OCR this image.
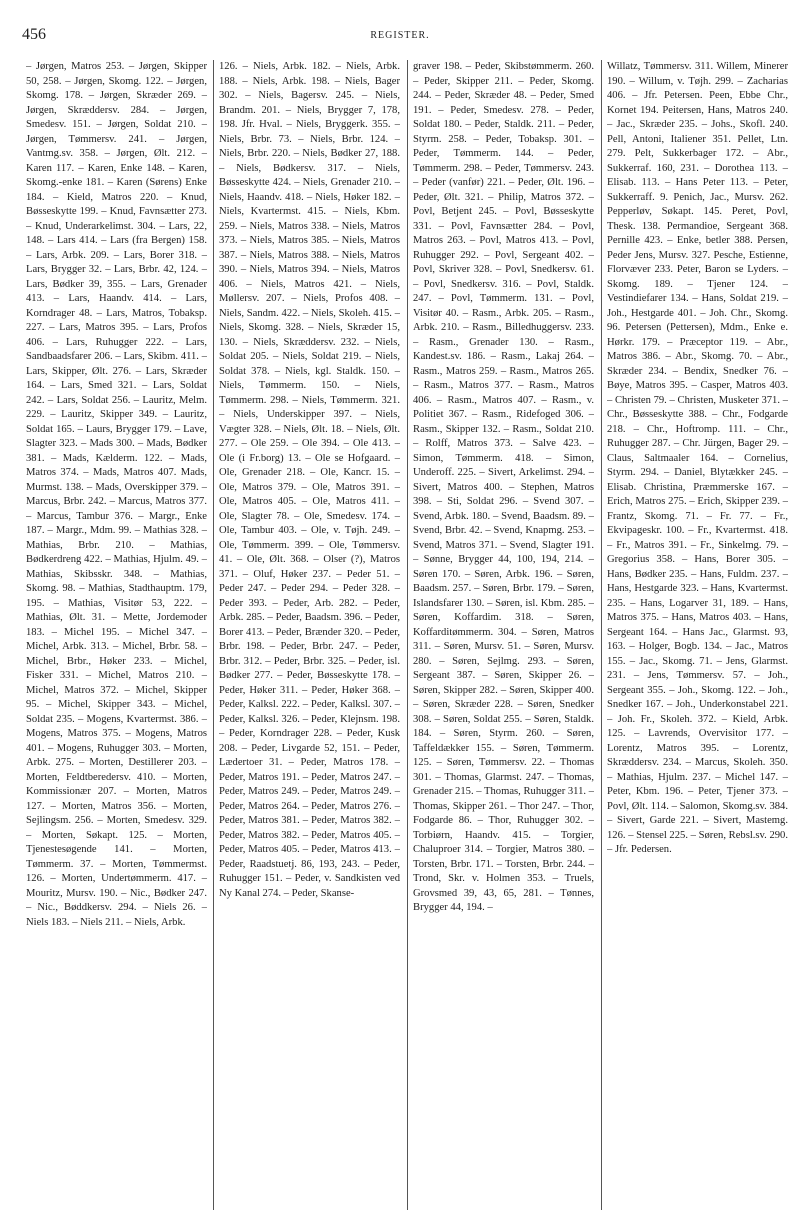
456	REGISTER.
– Jørgen, Matros 253. – Jørgen, Skipper 50, 258. – Jørgen, Skomg. 122. – Jørgen, Skomg. 178. – Jørgen, Skræder 269. – Jørgen, Skræddersv. 284. – Jørgen, Smedesv. 151. – Jørgen, Soldat 210. – Jørgen, Tømmersv. 241. – Jørgen, Vantmg.sv. 358. – Jørgen, Ølt. 212. – Karen 117. – Karen, Enke 148. – Karen, Skomg.-enke 181. – Karen (Sørens) Enke 184. – Kield, Matros 220. – Knud, Bøsseskytte 199. – Knud, Favnsætter 273. – Knud, Underarkelimst. 304. – Lars, 22, 148. – Lars 414. – Lars (fra Bergen) 158. – Lars, Arbk. 209. – Lars, Borer 318. – Lars, Brygger 32. – Lars, Brbr. 42, 124. – Lars, Bødker 39, 355. – Lars, Grenader 413. – Lars, Haandv. 414. – Lars, Korndrager 48. – Lars, Matros, Tobaksp. 227. – Lars, Matros 395. – Lars, Profos 406. – Lars, Ruhugger 222. – Lars, Sandbaadsfarer 206. – Lars, Skibm. 411. – Lars, Skipper, Ølt. 276. – Lars, Skræder 164. – Lars, Smed 321. – Lars, Soldat 242. – Lars, Soldat 256. – Lauritz, Melm. 229. – Lauritz, Skipper 349. – Lauritz, Soldat 165. – Laurs, Brygger 179. – Lave, Slagter 323. – Mads 300. – Mads, Bødker 381. – Mads, Kælderm. 122. – Mads, Matros 374. – Mads, Matros 407. Mads, Murmst. 138. – Mads, Overskipper 379. – Marcus, Brbr. 242. – Marcus, Matros 377. – Marcus, Tambur 376. – Margr., Enke 187. – Margr., Mdm. 99. – Mathias 328. – Mathias, Brbr. 210. – Mathias, Bødkerdreng 422. – Mathias, Hjulm. 49. – Mathias, Skibsskr. 348. – Mathias, Skomg. 98. – Mathias, Stadthauptm. 179, 195. – Mathias, Visitør 53, 222. – Mathias, Ølt. 31. – Mette, Jordemoder 183. – Michel 195. – Michel 347. – Michel, Arbk. 313. – Michel, Brbr. 58. – Michel, Brbr., Høker 233. – Michel, Fisker 331. – Michel, Matros 210. – Michel, Matros 372. – Michel, Skipper 95. – Michel, Skipper 343. – Michel, Soldat 235. – Mogens, Kvartermst. 386. – Mogens, Matros 375. – Mogens, Matros 401. – Mogens, Ruhugger 303. – Morten, Arbk. 275. – Morten, Destillerer 203. – Morten, Feldtberedersv. 410. – Morten, Kommissionær 207. – Morten, Matros 127. – Morten, Matros 356. – Morten, Sejlingsm. 256. – Morten, Smedesv. 329. – Morten, Søkapt. 125. – Morten, Tjenestesøgende 141. – Morten, Tømmerm. 37. – Morten, Tømmermst. 126. – Morten, Undertømmerm. 417. – Mouritz, Mursv. 190. – Nic., Bødker 247. – Nic., Bøddkersv. 294. – Niels 26. – Niels 183. – Niels 211. – Niels, Arbk.
126. – Niels, Arbk. 182. – Niels, Arbk. 188. – Niels, Arbk. 198. – Niels, Bager 302. – Niels, Bagersv. 245. – Niels, Brandm. 201. – Niels, Brygger 7, 178, 198. Jfr. Hval. – Niels, Bryggerk. 355. – Niels, Brbr. 73. – Niels, Brbr. 124. – Niels, Brbr. 220. – Niels, Bødker 27, 188. – Niels, Bødkersv. 317. – Niels, Bøsseskytte 424. – Niels, Grenader 210. – Niels, Haandv. 418. – Niels, Høker 182. – Niels, Kvartermst. 415. – Niels, Kbm. 259. – Niels, Matros 338. – Niels, Matros 373. – Niels, Matros 385. – Niels, Matros 387. – Niels, Matros 388. – Niels, Matros 390. – Niels, Matros 394. – Niels, Matros 406. – Niels, Matros 421. – Niels, Møllersv. 207. – Niels, Profos 408. – Niels, Sandm. 422. – Niels, Skoleh. 415. – Niels, Skomg. 328. – Niels, Skræder 15, 130. – Niels, Skræddersv. 232. – Niels, Soldat 205. – Niels, Soldat 219. – Niels, Soldat 378. – Niels, kgl. Staldk. 150. – Niels, Tømmerm. 150. – Niels, Tømmerm. 298. – Niels, Tømmerm. 321. – Niels, Underskipper 397. – Niels, Vægter 328. – Niels, Ølt. 18. – Niels, Ølt. 277. – Ole 259. – Ole 394. – Ole 413. – Ole (i Fr.borg) 13. – Ole se Hofgaard. – Ole, Grenader 218. – Ole, Kancr. 15. – Ole, Matros 379. – Ole, Matros 391. – Ole, Matros 405. – Ole, Matros 411. – Ole, Slagter 78. – Ole, Smedesv. 174. – Ole, Tambur 403. – Ole, v. Tøjh. 249. – Ole, Tømmerm. 399. – Ole, Tømmersv. 41. – Ole, Ølt. 368. – Olser (?), Matros 371. – Oluf, Høker 237. – Peder 51. – Peder 247. – Peder 294. – Peder 328. – Peder 393. – Peder, Arb. 282. – Peder, Arbk. 285. – Peder, Baadsm. 396. – Peder, Borer 413. – Peder, Brænder 320. – Peder, Brbr. 198. – Peder, Brbr. 247. – Peder, Brbr. 312. – Peder, Brbr. 325. – Peder, isl. Bødker 277. – Peder, Bøsseskytte 178. – Peder, Høker 311. – Peder, Høker 368. – Peder, Kalksl. 222. – Peder, Kalksl. 307. – Peder, Kalksl. 326. – Peder, Klejnsm. 198. – Peder, Korndrager 228. – Peder, Kusk 208. – Peder, Livgarde 52, 151. – Peder, Lædertoer 31. – Peder, Matros 178. – Peder, Matros 191. – Peder, Matros 247. – Peder, Matros 249. – Peder, Matros 249. – Peder, Matros 264. – Peder, Matros 276. – Peder, Matros 381. – Peder, Matros 382. – Peder, Matros 382. – Peder, Matros 405. – Peder, Matros 405. – Peder, Matros 413. – Peder, Raadstuetj. 86, 193, 243. – Peder, Ruhugger 151. – Peder, v. Sandkisten ved Ny Kanal 274. – Peder, Skanse-
graver 198. – Peder, Skibstømmerm. 260. – Peder, Skipper 211. – Peder, Skomg. 244. – Peder, Skræder 48. – Peder, Smed 191. – Peder, Smedesv. 278. – Peder, Soldat 180. – Peder, Staldk. 211. – Peder, Styrm. 258. – Peder, Tobaksp. 301. – Peder, Tømmerm. 144. – Peder, Tømmerm. 298. – Peder, Tømmersv. 243. – Peder (vanfør) 221. – Peder, Ølt. 196. – Peder, Ølt. 321. – Philip, Matros 372. – Povl, Betjent 245. – Povl, Bøsseskytte 331. – Povl, Favnsætter 284. – Povl, Matros 263. – Povl, Matros 413. – Povl, Ruhugger 292. – Povl, Sergeant 402. – Povl, Skriver 328. – Povl, Snedkersv. 61. – Povl, Snedkersv. 316. – Povl, Staldk. 247. – Povl, Tømmerm. 131. – Povl, Visitør 40. – Rasm., Arbk. 205. – Rasm., Arbk. 210. – Rasm., Billedhuggersv. 233. – Rasm., Grenader 130. – Rasm., Kandest.sv. 186. – Rasm., Lakaj 264. – Rasm., Matros 259. – Rasm., Matros 265. – Rasm., Matros 377. – Rasm., Matros 406. – Rasm., Matros 407. – Rasm., v. Politiet 367. – Rasm., Ridefoged 306. – Rasm., Skipper 132. – Rasm., Soldat 210. – Rolff, Matros 373. – Salve 423. – Simon, Tømmerm. 418. – Simon, Underoff. 225. – Sivert, Arkelimst. 294. – Sivert, Matros 400. – Stephen, Matros 398. – Sti, Soldat 296. – Svend 307. – Svend, Arbk. 180. – Svend, Baadsm. 89. – Svend, Brbr. 42. – Svend, Knapmg. 253. – Svend, Matros 371. – Svend, Slagter 191. – Sønne, Brygger 44, 100, 194, 214. – Søren 170. – Søren, Arbk. 196. – Søren, Baadsm. 257. – Søren, Brbr. 179. – Søren, Islandsfarer 130. – Søren, isl. Kbm. 285. – Søren, Koffardim. 318. – Søren, Koffarditømmerm. 304. – Søren, Matros 311. – Søren, Mursv. 51. – Søren, Mursv. 280. – Søren, Sejlmg. 293. – Søren, Sergeant 387. – Søren, Skipper 26. – Søren, Skipper 282. – Søren, Skipper 400. – Søren, Skræder 228. – Søren, Snedker 308. – Søren, Soldat 255. – Søren, Staldk. 184. – Søren, Styrm. 260. – Søren, Taffeldækker 155. – Søren, Tømmerm. 125. – Søren, Tømmersv. 22. – Thomas 301. – Thomas, Glarmst. 247. – Thomas, Grenader 215. – Thomas, Ruhugger 311. – Thomas, Skipper 261. – Thor 247. – Thor, Fodgarde 86. – Thor, Ruhugger 302. – Torbiørn, Haandv. 415. – Torgier, Chaluproer 314. – Torgier, Matros 380. – Torsten, Brbr. 171. – Torsten, Brbr. 244. – Trond, Skr. v. Holmen 353. – Truels, Grovsmed 39, 43, 65, 281. – Tønnes, Brygger 44, 194. –
Willatz, Tømmersv. 311. Willem, Minerer 190. – Willum, v. Tøjh. 299. – Zacharias 406. – Jfr. Petersen. Peen, Ebbe Chr., Kornet 194. Peitersen, Hans, Matros 240. – Jac., Skræder 235. – Johs., Skofl. 240. Pell, Antoni, Italiener 351. Pellet, Ltn. 279. Pelt, Sukkerbager 172. – Abr., Sukkerraf. 160, 231. – Dorothea 113. – Elisab. 113. – Hans Peter 113. – Peter, Sukkerraff. 9. Penich, Jac., Mursv. 262. Pepperløv, Søkapt. 145. Peret, Povl, Thesk. 138. Permandioe, Sergeant 368. Pernille 423. – Enke, betler 388. Persen, Peder Jens, Mursv. 327. Pesche, Estienne, Florvæver 233. Peter, Baron se Lyders. – Skomg. 189. – Tjener 124. – Vestindiefarer 134. – Hans, Soldat 219. – Joh., Hestgarde 401. – Joh. Chr., Skomg. 96. Petersen (Pettersen), Mdm., Enke e. Hørkr. 179. – Præceptor 119. – Abr., Matros 386. – Abr., Skomg. 70. – Abr., Skræder 234. – Bendix, Snedker 76. – Bøye, Matros 395. – Casper, Matros 403. – Christen 79. – Christen, Musketer 371. – Chr., Bøsseskytte 388. – Chr., Fodgarde 218. – Chr., Hoftromp. 111. – Chr., Ruhugger 287. – Chr. Jürgen, Bager 29. – Claus, Saltmaaler 164. – Cornelius, Styrm. 294. – Daniel, Blytækker 245. – Elisab. Christina, Præmmerske 167. – Erich, Matros 275. – Erich, Skipper 239. – Frantz, Skomg. 71. – Fr. 77. – Fr., Ekvipageskr. 100. – Fr., Kvartermst. 418. – Fr., Matros 391. – Fr., Sinkelmg. 79. – Gregorius 358. – Hans, Borer 305. – Hans, Bødker 235. – Hans, Fuldm. 237. – Hans, Hestgarde 323. – Hans, Kvartermst. 235. – Hans, Logarver 31, 189. – Hans, Matros 375. – Hans, Matros 403. – Hans, Sergeant 164. – Hans Jac., Glarmst. 93, 163. – Holger, Bogb. 134. – Jac., Matros 155. – Jac., Skomg. 71. – Jens, Glarmst. 231. – Jens, Tømmersv. 57. – Joh., Sergeant 355. – Joh., Skomg. 122. – Joh., Snedker 167. – Joh., Underkonstabel 221. – Joh. Fr., Skoleh. 372. – Kield, Arbk. 125. – Lavrends, Overvisitor 177. – Lorentz, Matros 395. – Lorentz, Skræddersv. 234. – Marcus, Skoleh. 350. – Mathias, Hjulm. 237. – Michel 147. – Peter, Kbm. 196. – Peter, Tjener 373. – Povl, Ølt. 114. – Salomon, Skomg.sv. 384. – Sivert, Garde 221. – Sivert, Mastemg. 126. – Stensel 225. – Søren, Rebsl.sv. 290. – Jfr. Pedersen.
